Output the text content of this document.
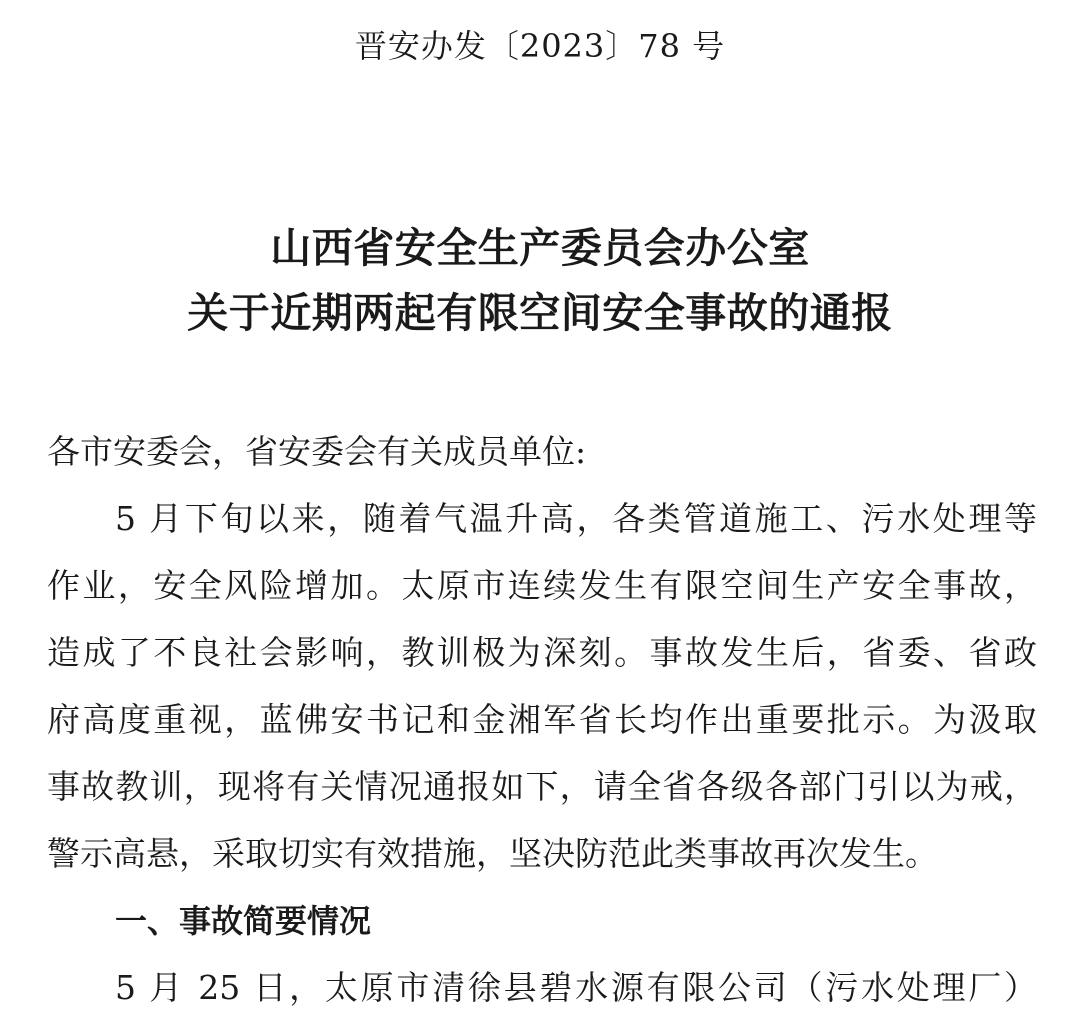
晋安办发〔2023〕78 号
山西省安全生产委员会办公室
关于近期两起有限空间安全事故的通报
各市安委会，省安委会有关成员单位:
5 月下旬以来，随着气温升高，各类管道施工、污水处理等
作业，安全风险增加。太原市连续发生有限空间生产安全事故，
造成了不良社会影响，教训极为深刻。事故发生后，省委、省政
府高度重视，蓝佛安书记和金湘军省长均作出重要批示。为汲取
事故教训，现将有关情况通报如下，请全省各级各部门引以为戒，
警示高悬，采取切实有效措施，坚决防范此类事故再次发生。
一、事故简要情况
5 月 25 日，太原市清徐县碧水源有限公司（污水处理厂）
